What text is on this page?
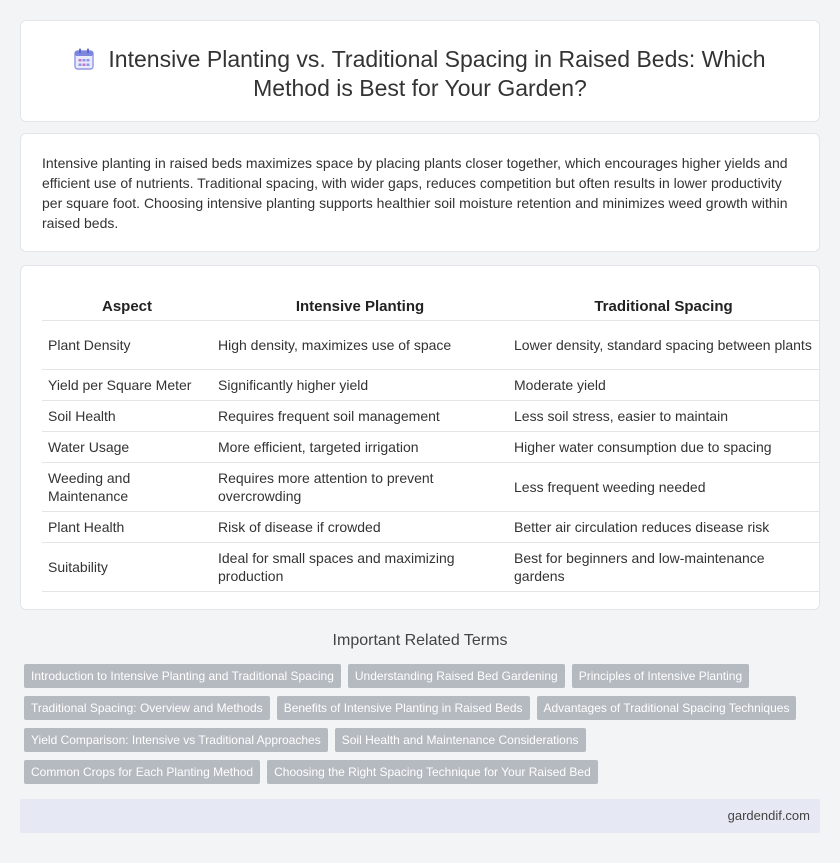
Intensive Planting vs. Traditional Spacing in Raised Beds: Which Method is Best for Your Garden?

Intensive planting in raised beds maximizes space by placing plants closer together, which encourages higher yields and efficient use of nutrients. Traditional spacing, with wider gaps, reduces competition but often results in lower productivity per square foot. Choosing intensive planting supports healthier soil moisture retention and minimizes weed growth within raised beds.

Aspect	Intensive Planting	Traditional Spacing
Plant Density	High density, maximizes use of space	Lower density, standard spacing between plants
Yield per Square Meter	Significantly higher yield	Moderate yield
Soil Health	Requires frequent soil management	Less soil stress, easier to maintain
Water Usage	More efficient, targeted irrigation	Higher water consumption due to spacing
Weeding and Maintenance	Requires more attention to prevent overcrowding	Less frequent weeding needed
Plant Health	Risk of disease if crowded	Better air circulation reduces disease risk
Suitability	Ideal for small spaces and maximizing production	Best for beginners and low-maintenance gardens
Important Related Terms
Introduction to Intensive Planting and Traditional Spacing	Understanding Raised Bed Gardening	Principles of Intensive Planting
Traditional Spacing: Overview and Methods	Benefits of Intensive Planting in Raised Beds	Advantages of Traditional Spacing Techniques
Yield Comparison: Intensive vs Traditional Approaches	Soil Health and Maintenance Considerations
Common Crops for Each Planting Method	Choosing the Right Spacing Technique for Your Raised Bed
gardendif.com
